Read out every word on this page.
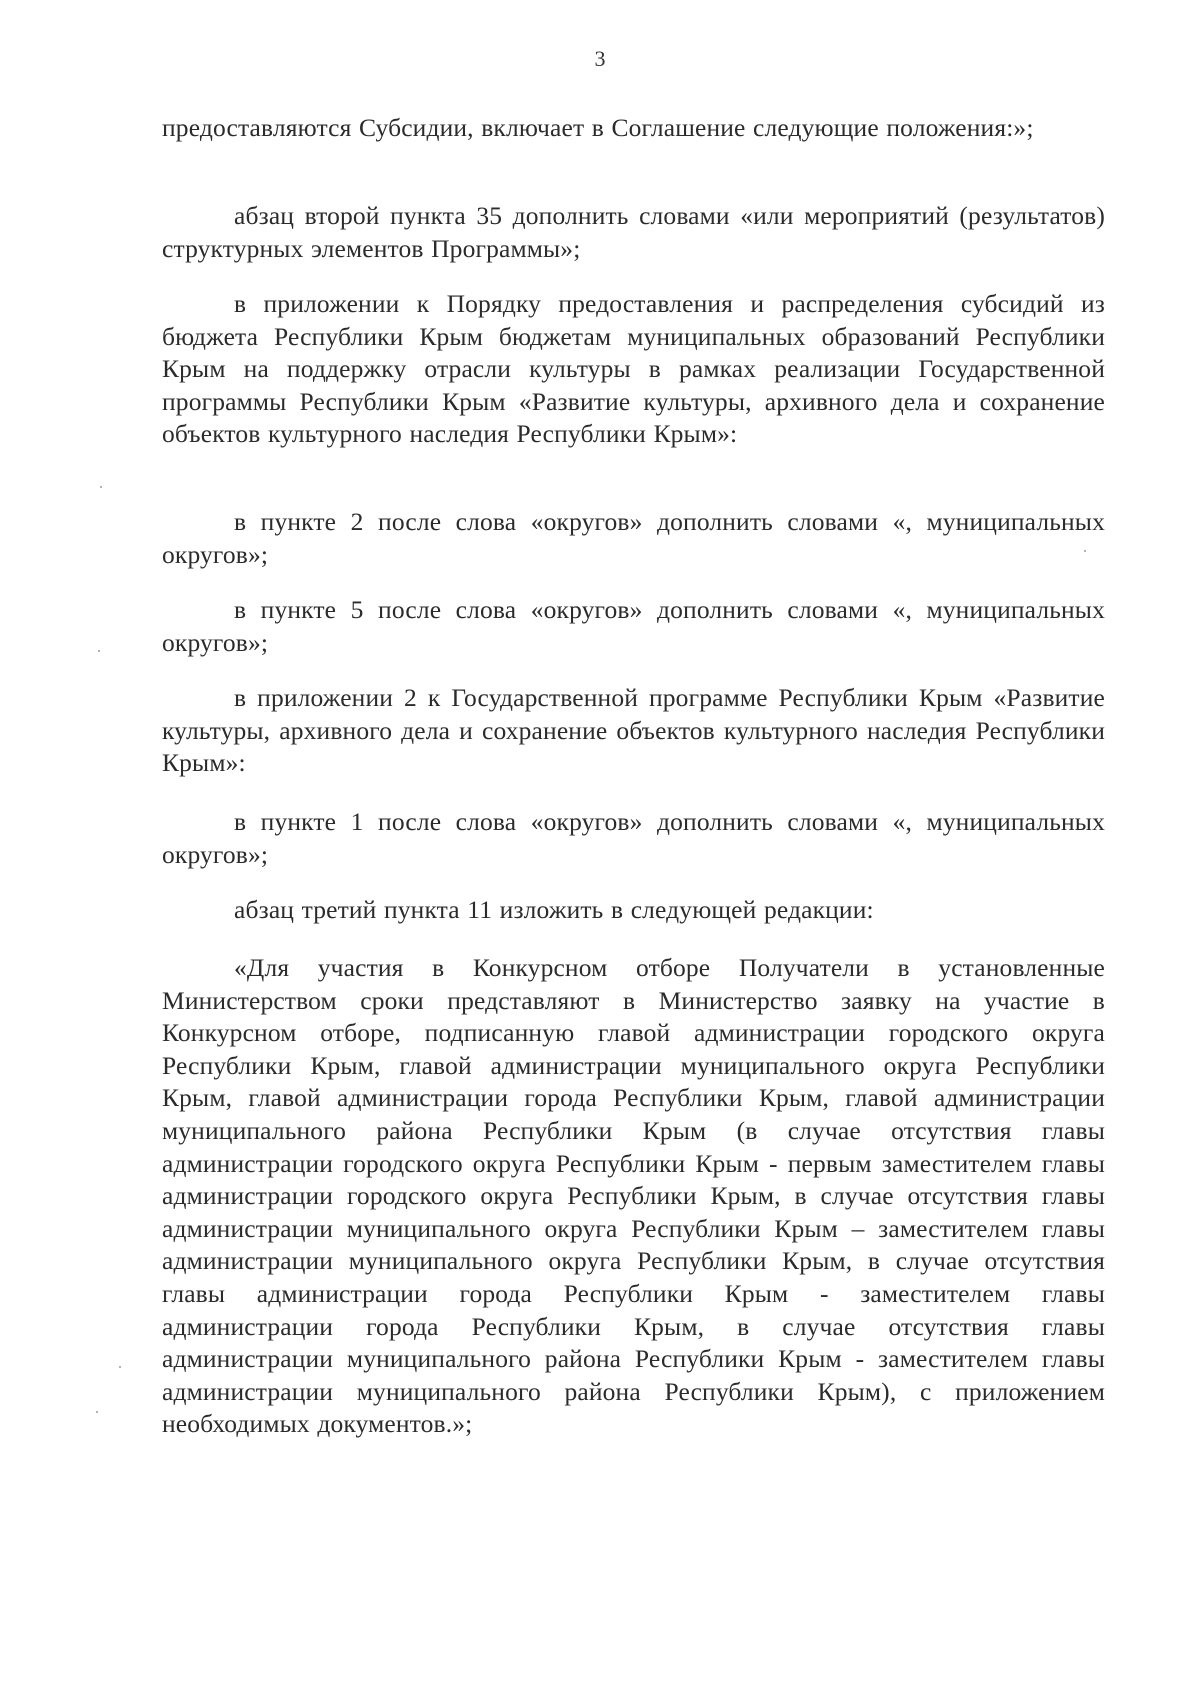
3
предоставляются Субсидии, включает в Соглашение следующие положения:»;
абзац второй пункта 35 дополнить словами «или мероприятий (результатов) структурных элементов Программы»;
в приложении к Порядку предоставления и распределения субсидий из бюджета Республики Крым бюджетам муниципальных образований Республики Крым на поддержку отрасли культуры в рамках реализации Государственной программы Республики Крым «Развитие культуры, архивного дела и сохранение объектов культурного наследия Республики Крым»:
в пункте 2 после слова «округов» дополнить словами «, муниципальных округов»;
в пункте 5 после слова «округов» дополнить словами «, муниципальных округов»;
в приложении 2 к Государственной программе Республики Крым «Развитие культуры, архивного дела и сохранение объектов культурного наследия Республики Крым»:
в пункте 1 после слова «округов» дополнить словами «, муниципальных округов»;
абзац третий пункта 11 изложить в следующей редакции:
«Для участия в Конкурсном отборе Получатели в установленные Министерством сроки представляют в Министерство заявку на участие в Конкурсном отборе, подписанную главой администрации городского округа Республики Крым, главой администрации муниципального округа Республики Крым, главой администрации города Республики Крым, главой администрации муниципального района Республики Крым (в случае отсутствия главы администрации городского округа Республики Крым - первым заместителем главы администрации городского округа Республики Крым, в случае отсутствия главы администрации муниципального округа Республики Крым – заместителем главы администрации муниципального округа Республики Крым, в случае отсутствия главы администрации города Республики Крым - заместителем главы администрации города Республики Крым, в случае отсутствия главы администрации муниципального района Республики Крым - заместителем главы администрации муниципального района Республики Крым), с приложением необходимых документов.»;
